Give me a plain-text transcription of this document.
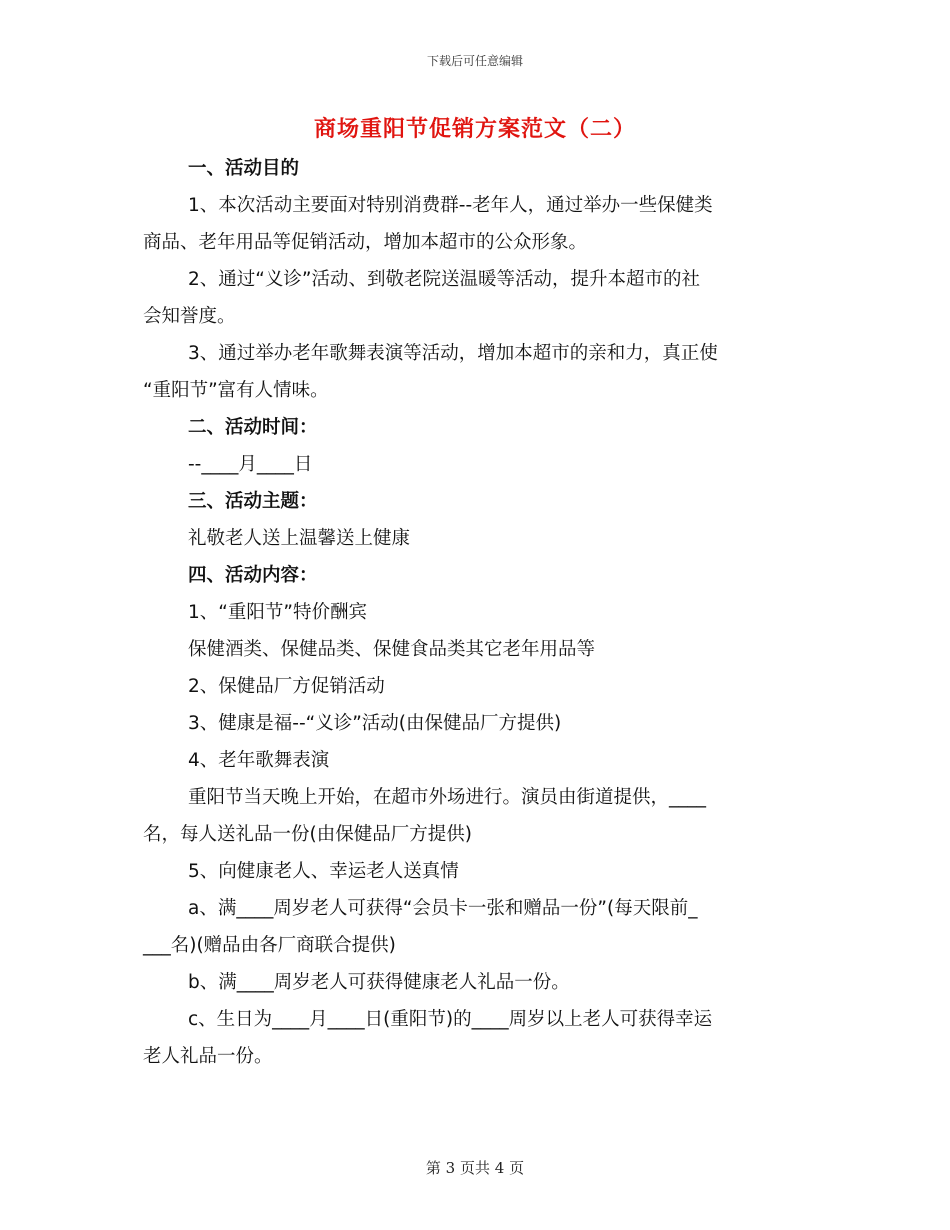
下载后可任意编辑
商场重阳节促销方案范文（二）
一、活动目的
1、本次活动主要面对特别消费群--老年人，通过举办一些保健类
商品、老年用品等促销活动，增加本超市的公众形象。
2、通过“义诊”活动、到敬老院送温暖等活动，提升本超市的社
会知誉度。
3、通过举办老年歌舞表演等活动，增加本超市的亲和力，真正使
“重阳节”富有人情味。
二、活动时间：
--____月____日
三、活动主题：
礼敬老人送上温馨送上健康
四、活动内容：
1、“重阳节”特价酬宾
保健酒类、保健品类、保健食品类其它老年用品等
2、保健品厂方促销活动
3、健康是福--“义诊”活动(由保健品厂方提供)
4、老年歌舞表演
重阳节当天晚上开始，在超市外场进行。演员由街道提供，____
名，每人送礼品一份(由保健品厂方提供)
5、向健康老人、幸运老人送真情
a、满____周岁老人可获得“会员卡一张和赠品一份”(每天限前_
___名)(赠品由各厂商联合提供)
b、满____周岁老人可获得健康老人礼品一份。
c、生日为____月____日(重阳节)的____周岁以上老人可获得幸运
老人礼品一份。
第 3 页共 4 页
